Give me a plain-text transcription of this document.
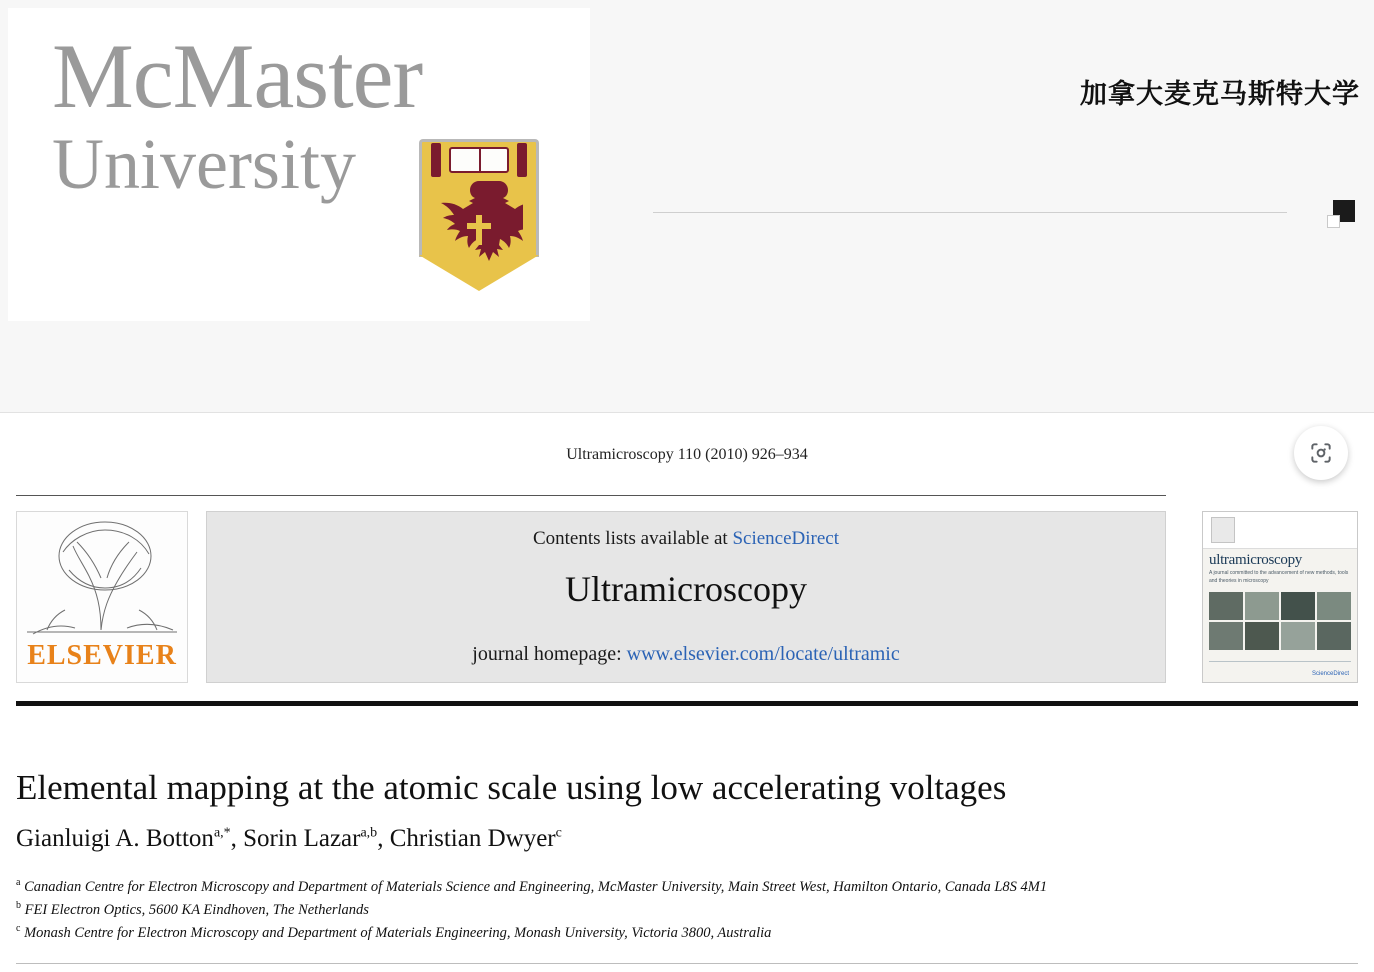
McMaster
University
加拿大麦克马斯特大学
Ultramicroscopy 110 (2010) 926–934
ELSEVIER
Contents lists available at ScienceDirect
Ultramicroscopy
journal homepage: www.elsevier.com/locate/ultramic
ultramicroscopy
A journal committed to the advancement of new methods, tools and theories in microscopy
ScienceDirect
Elemental mapping at the atomic scale using low accelerating voltages
Gianluigi A. Botton$^{a,*}$, Sorin Lazar$^{a,b}$, Christian Dwyer$^c$
$^a$ Canadian Centre for Electron Microscopy and Department of Materials Science and Engineering, McMaster University, Main Street West, Hamilton Ontario, Canada L8S 4M1
$^b$ FEI Electron Optics, 5600 KA Eindhoven, The Netherlands
$^c$ Monash Centre for Electron Microscopy and Department of Materials Engineering, Monash University, Victoria 3800, Australia
